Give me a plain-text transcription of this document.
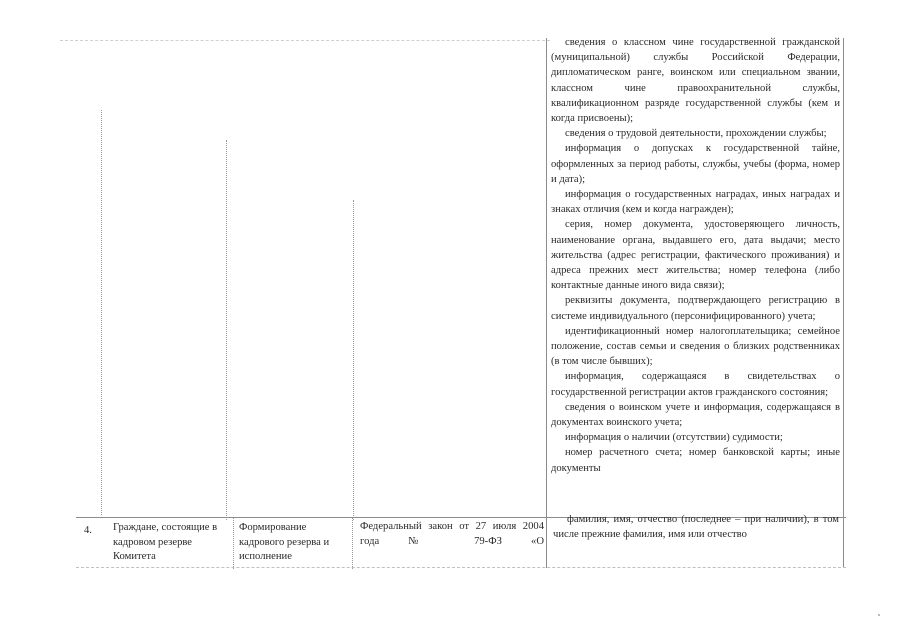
сведения о классном чине государственной гражданской (муниципальной) службы Российской Федерации, дипломатическом ранге, воинском или специальном звании, классном чине правоохранительной службы, квалификационном разряде государственной службы (кем и когда присвоены);

сведения о трудовой деятельности, прохождении службы;

информация о допусках к государственной тайне, оформленных за период работы, службы, учебы (форма, номер и дата);

информация о государственных наградах, иных наградах и знаках отличия (кем и когда награжден);

серия, номер документа, удостоверяющего личность, наименование органа, выдавшего его, дата выдачи; место жительства (адрес регистрации, фактического проживания) и адреса прежних мест жительства; номер телефона (либо контактные данные иного вида связи);

реквизиты документа, подтверждающего регистрацию в системе индивидуального (персонифицированного) учета;

идентификационный номер налогоплательщика; семейное положение, состав семьи и сведения о близких родственниках (в том числе бывших);

информация, содержащаяся в свидетельствах о государственной регистрации актов гражданского состояния;

сведения о воинском учете и информация, содержащаяся в документах воинского учета;

информация о наличии (отсутствии) судимости;

номер расчетного счета; номер банковской карты; иные документы

4. Граждане, состоящие в кадровом резерве Комитета
Формирование кадрового резерва и исполнение
Федеральный закон от 27 июля 2004 года № 79-ФЗ «О
фамилия, имя, отчество (последнее – при наличии), в том числе прежние фамилия, имя или отчество
